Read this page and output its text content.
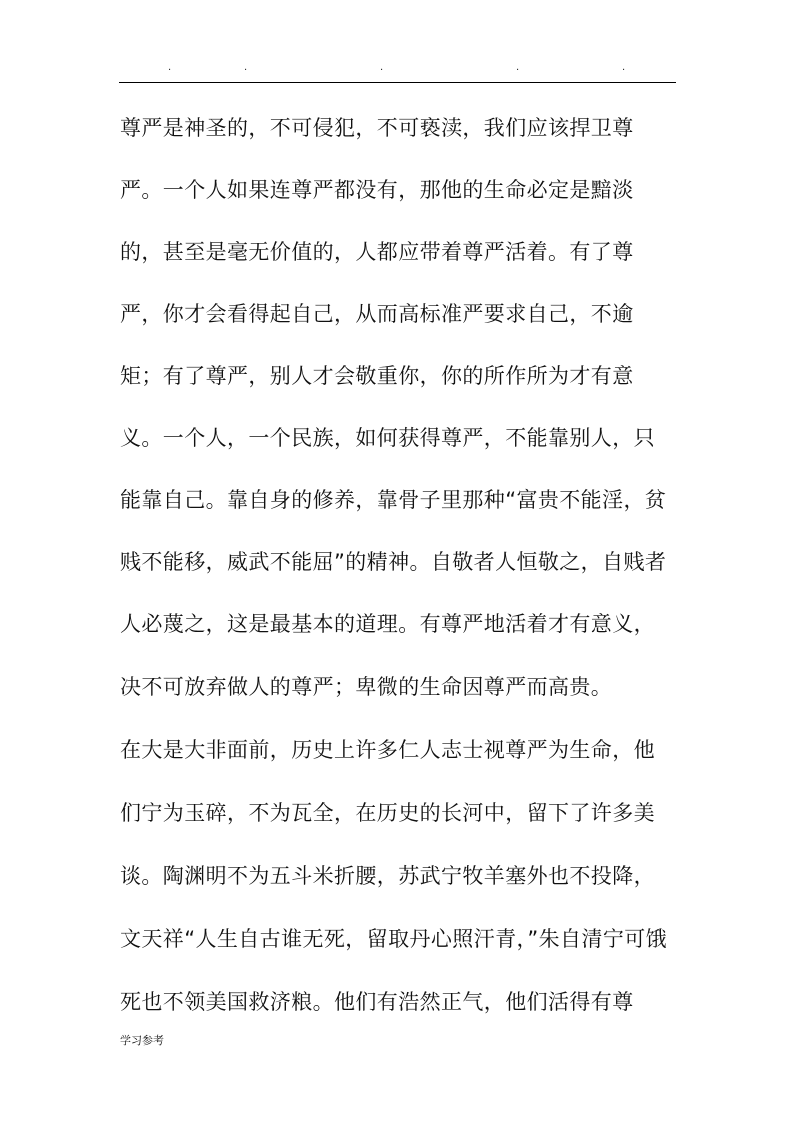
.	.	.	.	.
尊严是神圣的，不可侵犯，不可亵渎，我们应该捍卫尊
严。一个人如果连尊严都没有，那他的生命必定是黯淡
的，甚至是毫无价值的，人都应带着尊严活着。有了尊
严，你才会看得起自己，从而高标准严要求自己，不逾
矩；有了尊严，别人才会敬重你，你的所作所为才有意
义。一个人，一个民族，如何获得尊严，不能靠别人，只
能靠自己。靠自身的修养，靠骨子里那种“富贵不能淫，贫
贱不能移，威武不能屈”的精神。自敬者人恒敬之，自贱者
人必蔑之，这是最基本的道理。有尊严地活着才有意义，
决不可放弃做人的尊严；卑微的生命因尊严而高贵。
在大是大非面前，历史上许多仁人志士视尊严为生命，他
们宁为玉碎，不为瓦全，在历史的长河中，留下了许多美
谈。陶渊明不为五斗米折腰，苏武宁牧羊塞外也不投降，
文天祥“人生自古谁无死，留取丹心照汗青，”朱自清宁可饿
死也不领美国救济粮。他们有浩然正气，他们活得有尊
学习参考
